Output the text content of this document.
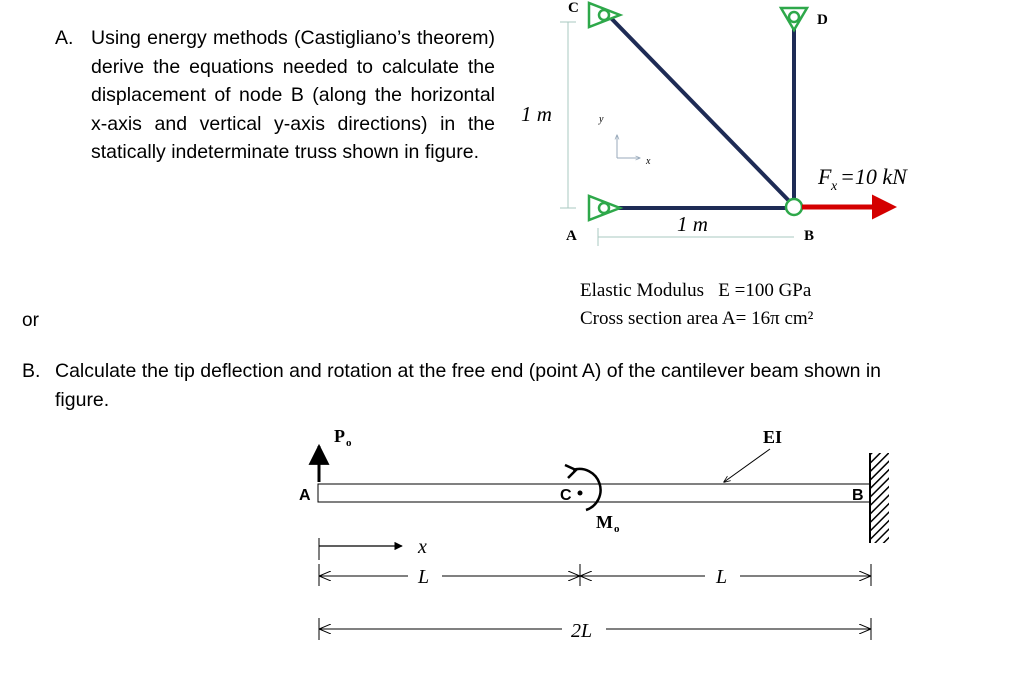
A. Using energy methods (Castigliano’s theorem) derive the equations needed to calculate the displacement of node B (along the horizontal x-axis and vertical y-axis directions) in the statically indeterminate truss shown in figure.
y
x
C
D
A	B
1 m
1 m
F x =10 kN
Elastic Modulus   E =100 GPa
Cross section area A= 16π cm²
or
B. Calculate the tip deflection and rotation at the free end (point A) of the cantilever beam shown in figure.
P o	EI
A	B
C
M o
x
L	L
2L
